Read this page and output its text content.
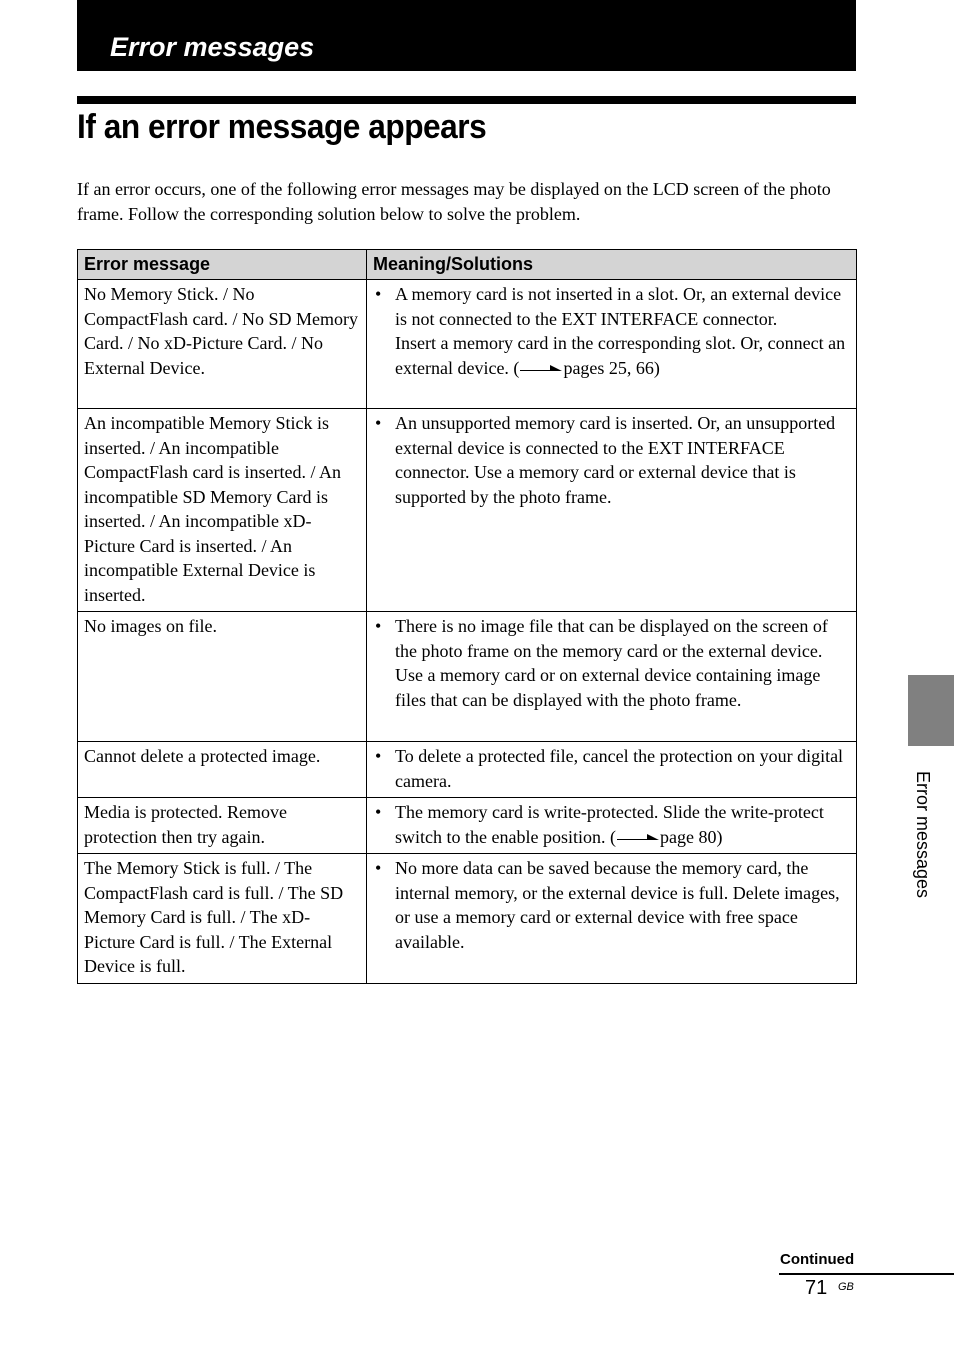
Error messages
If an error message appears

If an error occurs, one of the following error messages may be displayed on the LCD screen of the photo frame. Follow the corresponding solution below to solve the problem.

Error message	Meaning/Solutions
No Memory Stick. / No CompactFlash card. / No SD Memory Card. / No xD-Picture Card. / No External Device.	• A memory card is not inserted in a slot. Or, an external device is not connected to the EXT INTERFACE connector.
Insert a memory card in the corresponding slot. Or, connect an external device. ( pages 25, 66)

An incompatible Memory Stick is inserted. / An incompatible CompactFlash card is inserted. / An incompatible SD Memory Card is inserted. / An incompatible xD-Picture Card is inserted. / An incompatible External Device is inserted.	• An unsupported memory card is inserted. Or, an unsupported external device is connected to the EXT INTERFACE connector. Use a memory card or external device that is supported by the photo frame.

No images on file.	• There is no image file that can be displayed on the screen of the photo frame on the memory card or the external device. Use a memory card or on external device containing image files that can be displayed with the photo frame.

Cannot delete a protected image.	• To delete a protected file, cancel the protection on your digital camera.

Media is protected. Remove protection then try again.	• The memory card is write-protected. Slide the write-protect switch to the enable position. ( page 80)

The Memory Stick is full. / The CompactFlash card is full. / The SD Memory Card is full. / The xD-Picture Card is full. / The External Device is full.	• No more data can be saved because the memory card, the internal memory, or the external device is full. Delete images, or use a memory card or external device with free space available.
Error messages

Continued

71 GB
